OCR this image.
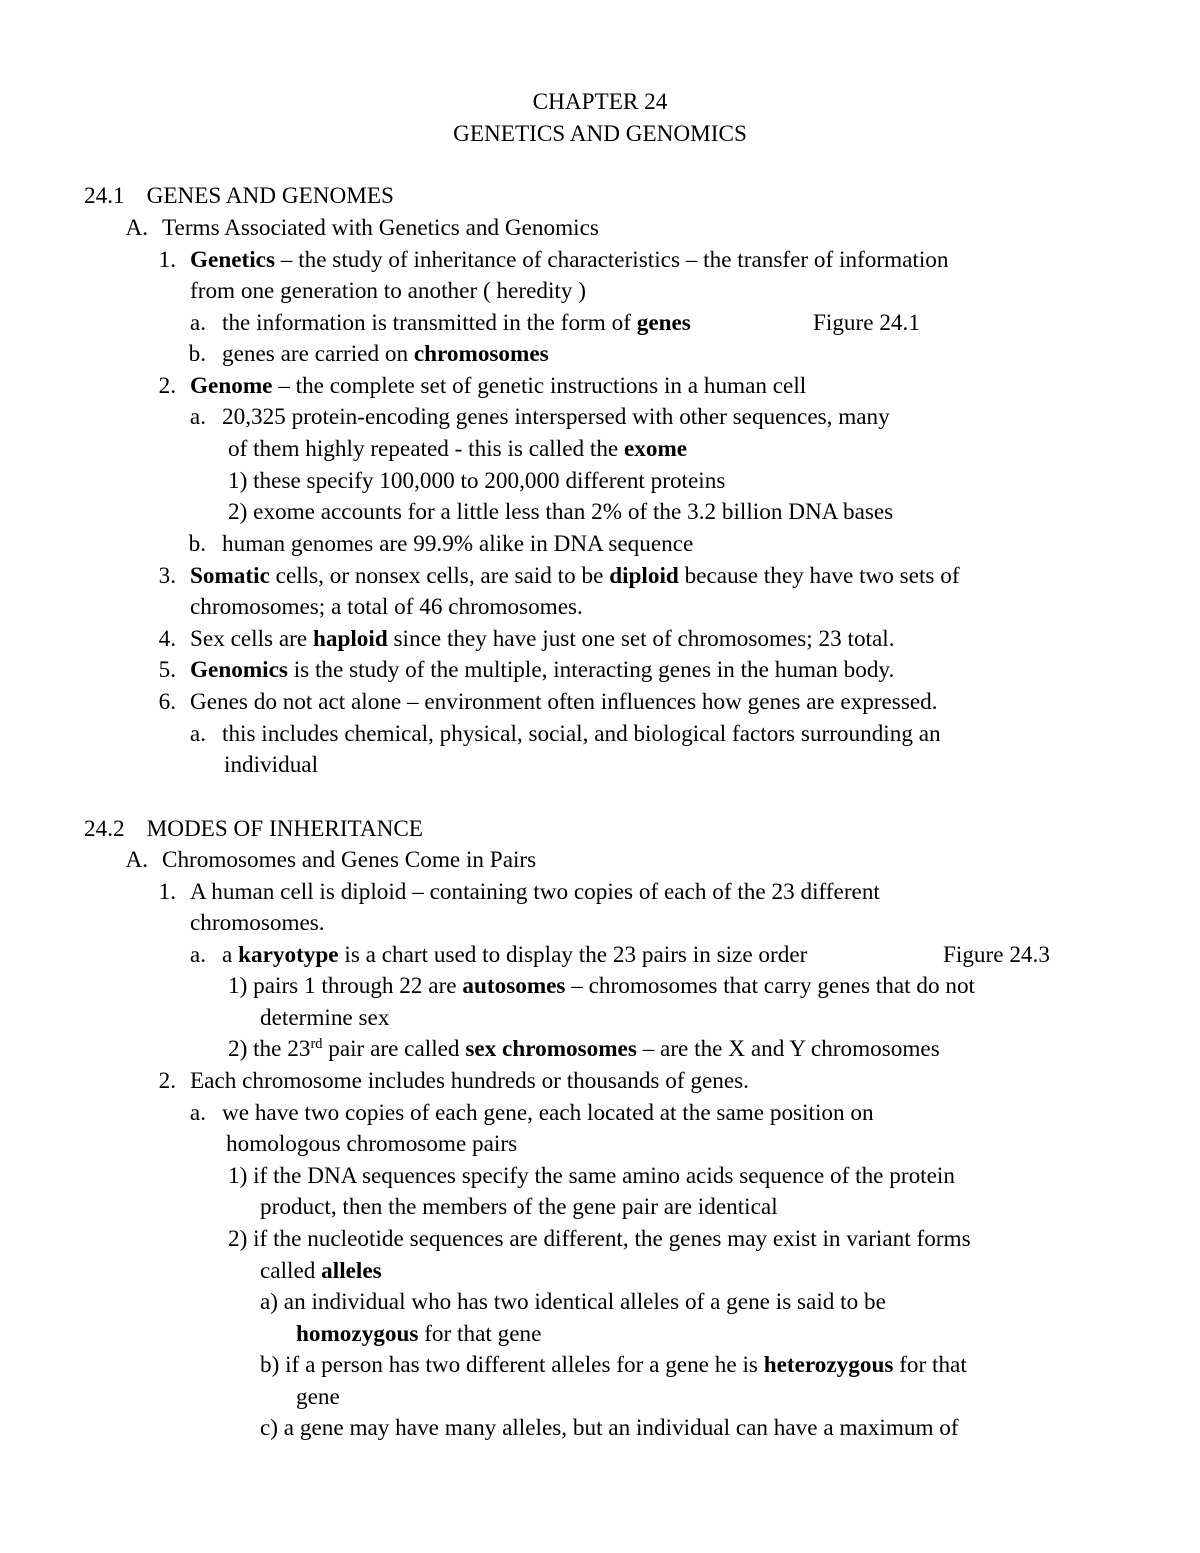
CHAPTER 24
GENETICS AND GENOMICS
24.1 GENES AND GENOMES
A. Terms Associated with Genetics and Genomics
1. Genetics – the study of inheritance of characteristics – the transfer of information
from one generation to another ( heredity )
a. the information is transmitted in the form of genes	Figure 24.1
b. genes are carried on chromosomes
2. Genome – the complete set of genetic instructions in a human cell
a. 20,325 protein-encoding genes interspersed with other sequences, many
of them highly repeated - this is called the exome
1) these specify 100,000 to 200,000 different proteins
2) exome accounts for a little less than 2% of the 3.2 billion DNA bases
b. human genomes are 99.9% alike in DNA sequence
3. Somatic cells, or nonsex cells, are said to be diploid because they have two sets of
chromosomes; a total of 46 chromosomes.
4. Sex cells are haploid since they have just one set of chromosomes; 23 total.
5. Genomics is the study of the multiple, interacting genes in the human body.
6. Genes do not act alone – environment often influences how genes are expressed.
a. this includes chemical, physical, social, and biological factors surrounding an
individual
24.2 MODES OF INHERITANCE
A. Chromosomes and Genes Come in Pairs
1. A human cell is diploid – containing two copies of each of the 23 different
chromosomes.
a. a karyotype is a chart used to display the 23 pairs in size order	Figure 24.3
1) pairs 1 through 22 are autosomes – chromosomes that carry genes that do not
determine sex
2) the 23rd pair are called sex chromosomes – are the X and Y chromosomes
2. Each chromosome includes hundreds or thousands of genes.
a. we have two copies of each gene, each located at the same position on
homologous chromosome pairs
1) if the DNA sequences specify the same amino acids sequence of the protein
product, then the members of the gene pair are identical
2) if the nucleotide sequences are different, the genes may exist in variant forms
called alleles
a) an individual who has two identical alleles of a gene is said to be
homozygous for that gene
b) if a person has two different alleles for a gene he is heterozygous for that
gene
c) a gene may have many alleles, but an individual can have a maximum of
